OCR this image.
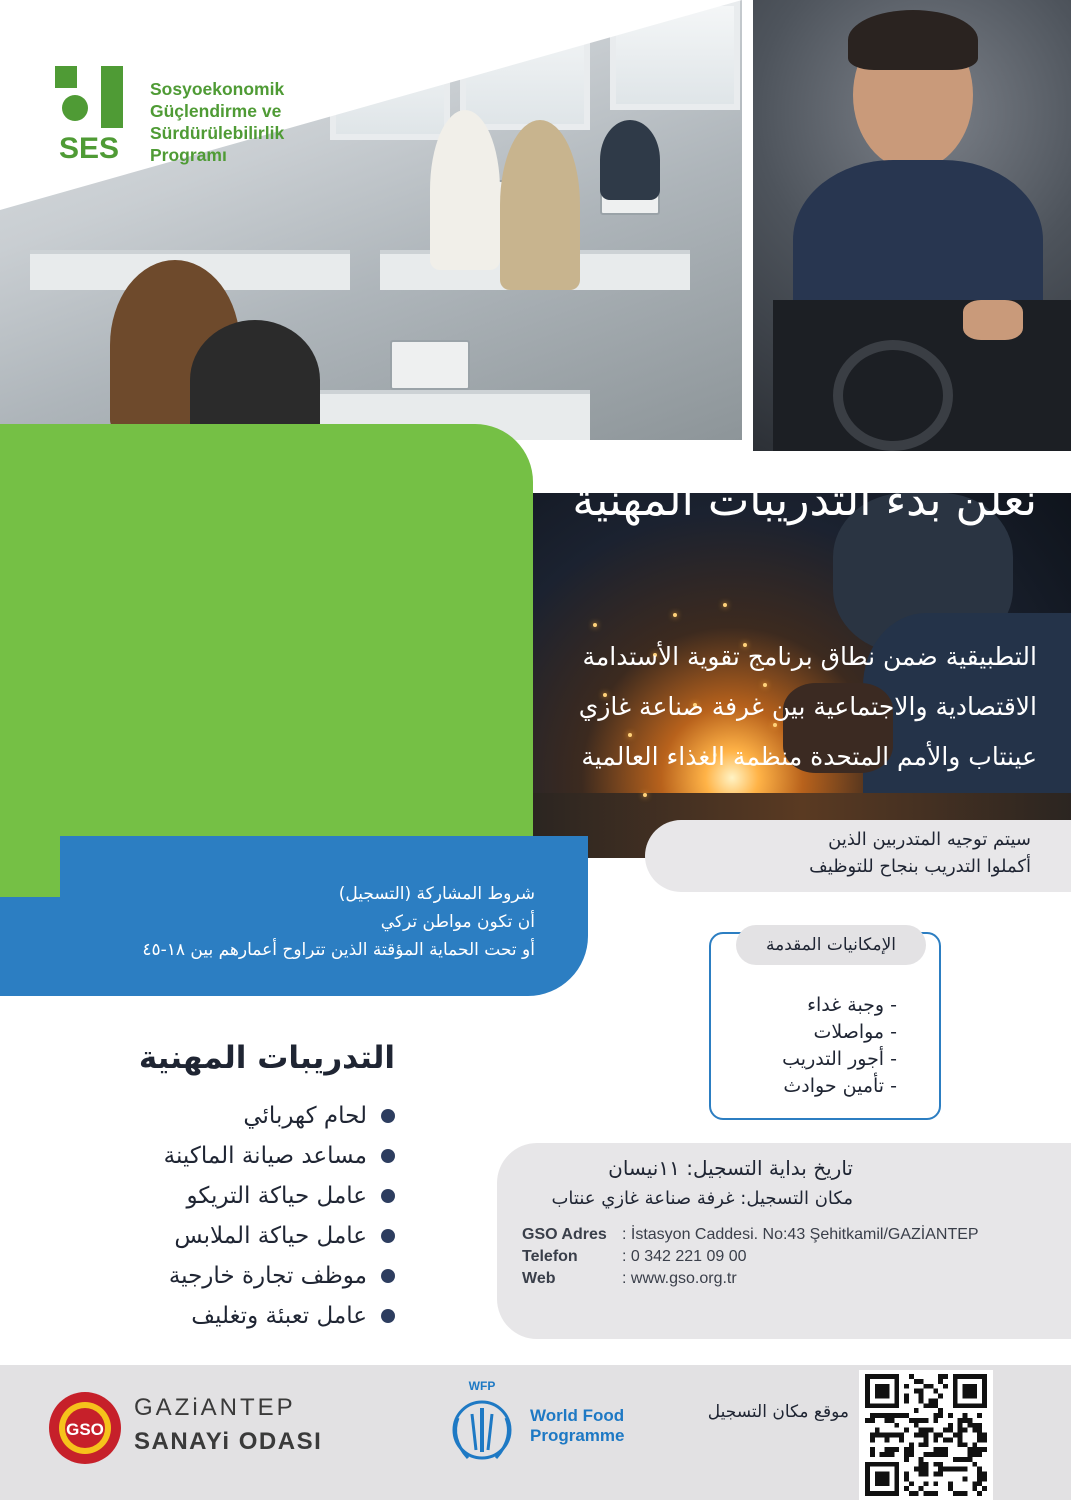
SES
Sosyoekonomik
Güçlendirme ve
Sürdürülebilirlik
Programı
نعلن بدء التدريبات المهنية
التطبيقية ضمن نطاق برنامج تقوية الأستدامة الاقتصادية والاجتماعية بين غرفة صناعة غازي عينتاب والأمم المتحدة منظمة الغذاء العالمية
سيتم توجيه المتدربين الذين
أكملوا التدريب بنجاح للتوظيف
شروط المشاركة (التسجيل)
أن تكون مواطن تركي
أو تحت الحماية المؤقتة الذين تتراوح أعمارهم بين ١٨-٤٥	الإمكانيات المقدمة
- وجبة غداء
- مواصلات
- أجور التدريب
- تأمين حوادث
التدريبات المهنية
لحام كهربائي
مساعد صيانة الماكينة
عامل حياكة التريكو
عامل حياكة الملابس
موظف تجارة خارجية
عامل تعبئة وتغليف
تاريخ بداية التسجيل: ١١نيسان
مكان التسجيل: غرفة صناعة غازي عنتاب
GSO Adres : İstasyon Caddesi. No:43 Şehitkamil/GAZİANTEP
Telefon	: 0 342 221 09 00
Web	: www.gso.org.tr
GSO
GAZiANTEP
SANAYi ODASI
WFP
World Food
Programme
موقع مكان التسجيل
